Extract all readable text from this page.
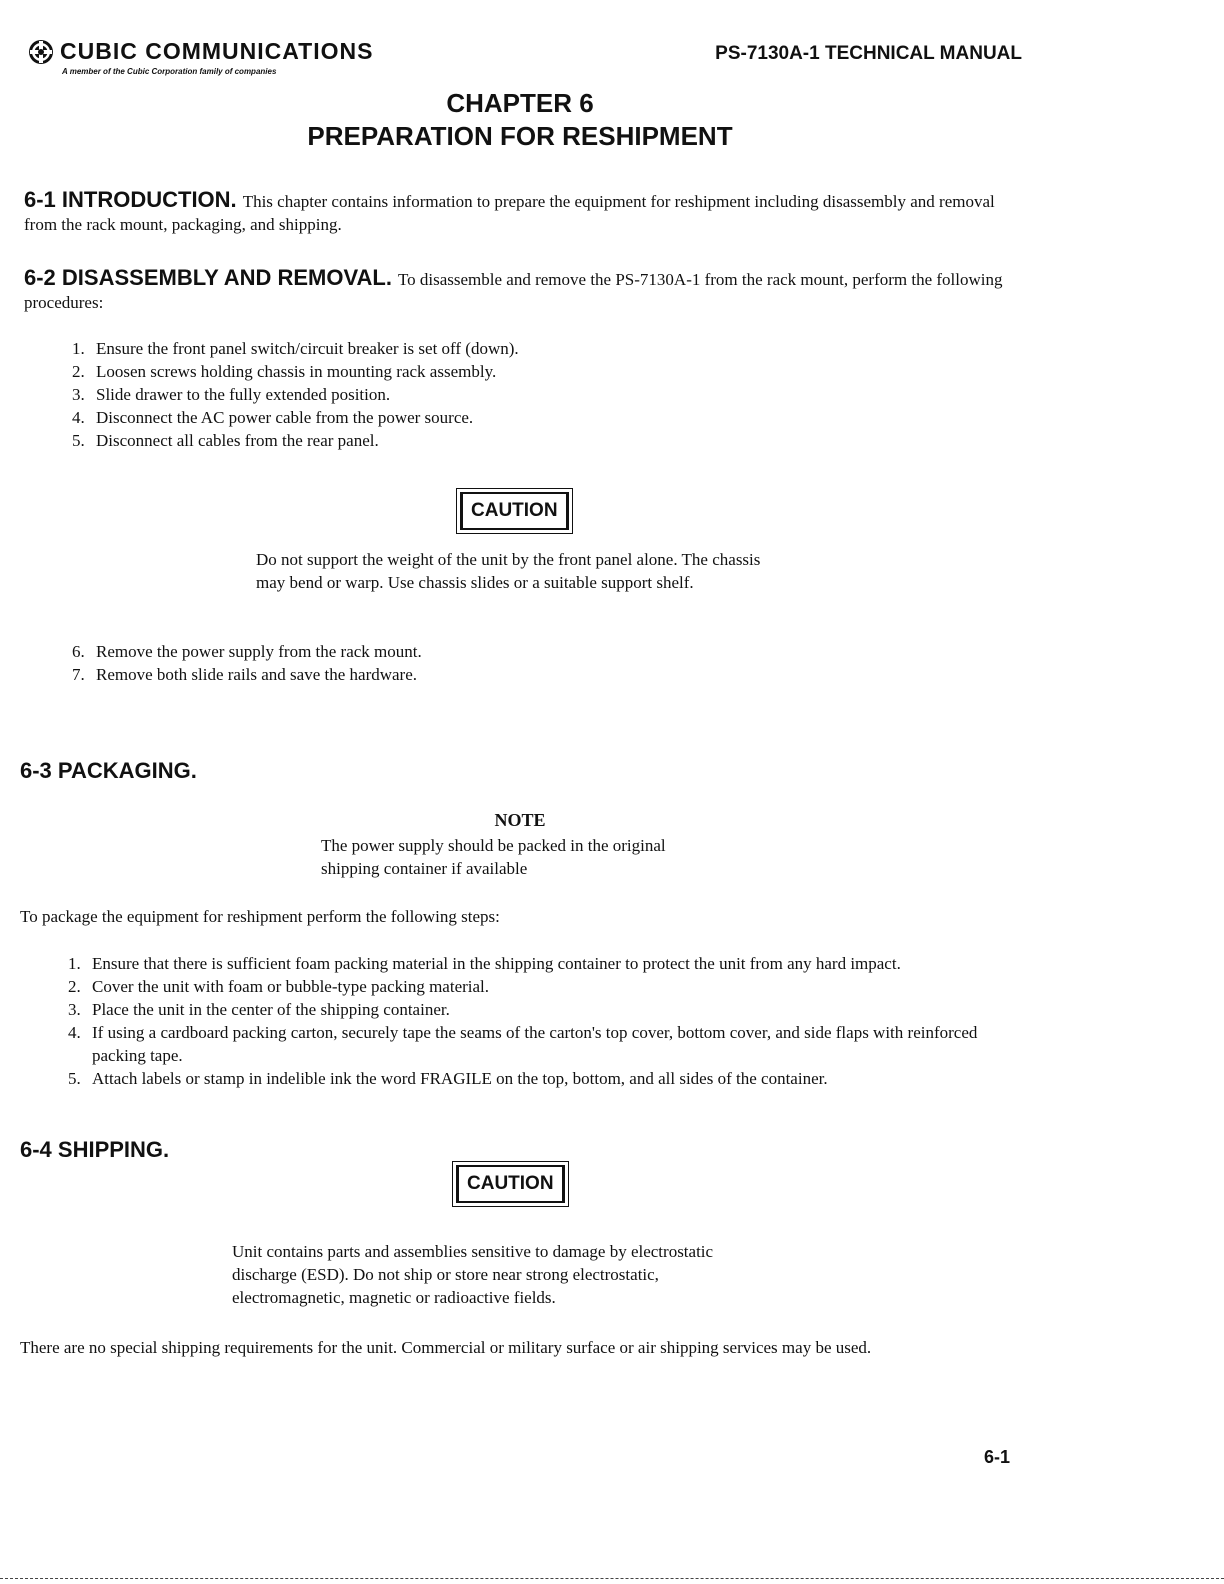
CUBIC COMMUNICATIONS
A member of the Cubic Corporation family of companies
PS-7130A-1 TECHNICAL MANUAL
CHAPTER 6
PREPARATION FOR RESHIPMENT
6-1 INTRODUCTION. This chapter contains information to prepare the equipment for reshipment including disassembly and removal from the rack mount, packaging, and shipping.
6-2 DISASSEMBLY AND REMOVAL. To disassemble and remove the PS-7130A-1 from the rack mount, perform the following procedures:
1. Ensure the front panel switch/circuit breaker is set off (down).
2. Loosen screws holding chassis in mounting rack assembly.
3. Slide drawer to the fully extended position.
4. Disconnect the AC power cable from the power source.
5. Disconnect all cables from the rear panel.
CAUTION
Do not support the weight of the unit by the front panel alone. The chassis may bend or warp. Use chassis slides or a suitable support shelf.
6. Remove the power supply from the rack mount.
7. Remove both slide rails and save the hardware.
6-3 PACKAGING.
NOTE
The power supply should be packed in the original shipping container if available
To package the equipment for reshipment perform the following steps:
1. Ensure that there is sufficient foam packing material in the shipping container to protect the unit from any hard impact.
2. Cover the unit with foam or bubble-type packing material.
3. Place the unit in the center of the shipping container.
4. If using a cardboard packing carton, securely tape the seams of the carton's top cover, bottom cover, and side flaps with reinforced packing tape.
5. Attach labels or stamp in indelible ink the word FRAGILE on the top, bottom, and all sides of the container.
6-4 SHIPPING.
CAUTION
Unit contains parts and assemblies sensitive to damage by electrostatic discharge (ESD). Do not ship or store near strong electrostatic, electromagnetic, magnetic or radioactive fields.
There are no special shipping requirements for the unit. Commercial or military surface or air shipping services may be used.
6-1
